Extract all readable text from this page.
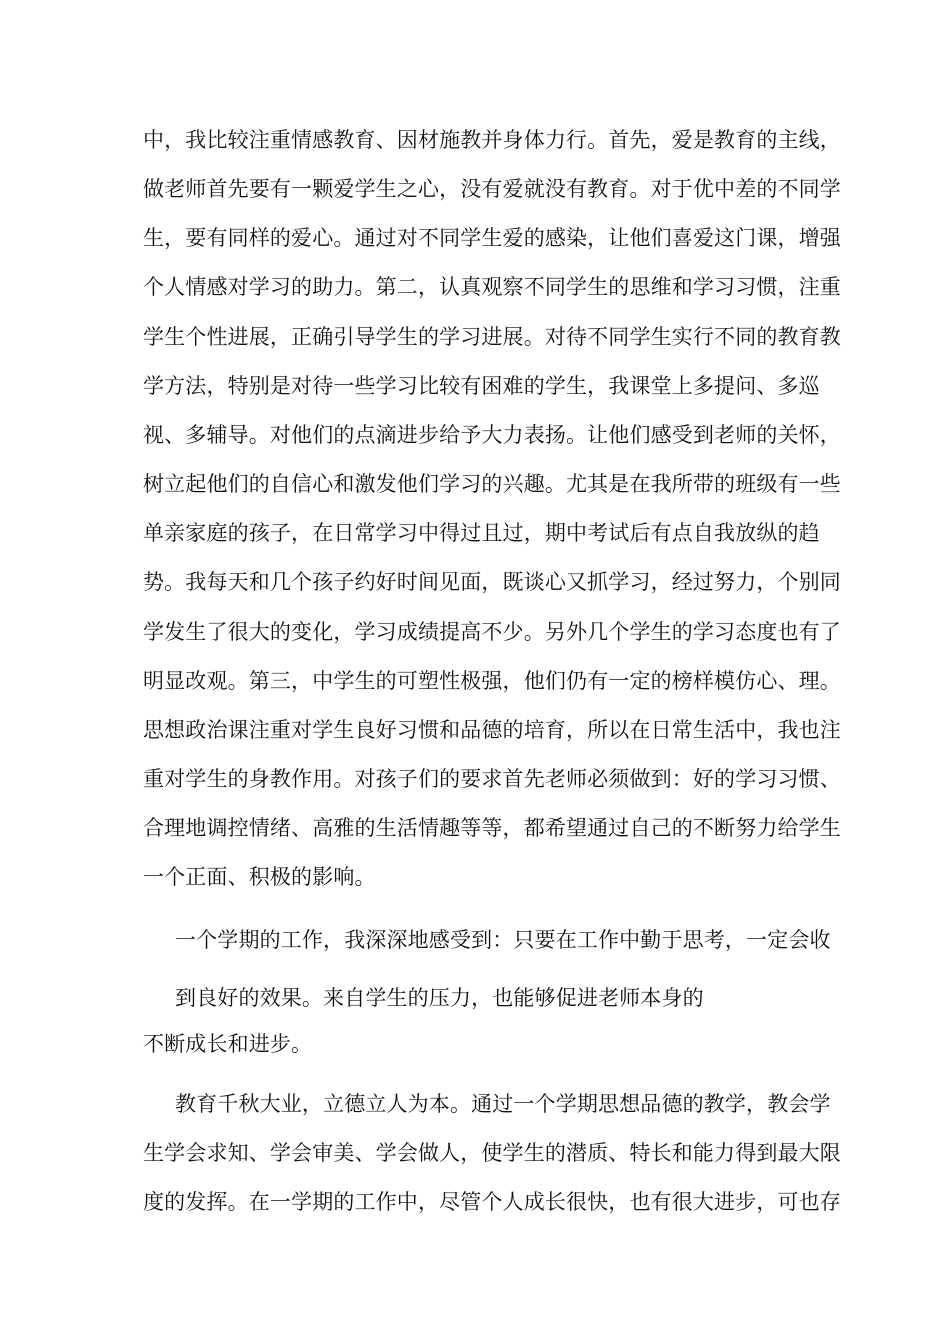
中，我比较注重情感教育、因材施教并身体力行。首先，爱是教育的主线，
做老师首先要有一颗爱学生之心，没有爱就没有教育。对于优中差的不同学
生，要有同样的爱心。通过对不同学生爱的感染，让他们喜爱这门课，增强
个人情感对学习的助力。第二，认真观察不同学生的思维和学习习惯，注重
学生个性进展，正确引导学生的学习进展。对待不同学生实行不同的教育教
学方法，特别是对待一些学习比较有困难的学生，我课堂上多提问、多巡
视、多辅导。对他们的点滴进步给予大力表扬。让他们感受到老师的关怀，
树立起他们的自信心和激发他们学习的兴趣。尤其是在我所带的班级有一些
单亲家庭的孩子，在日常学习中得过且过，期中考试后有点自我放纵的趋
势。我每天和几个孩子约好时间见面，既谈心又抓学习，经过努力，个别同
学发生了很大的变化，学习成绩提高不少。另外几个学生的学习态度也有了
明显改观。第三，中学生的可塑性极强，他们仍有一定的榜样模仿心、理。
思想政治课注重对学生良好习惯和品德的培育，所以在日常生活中，我也注
重对学生的身教作用。对孩子们的要求首先老师必须做到：好的学习习惯、
合理地调控情绪、高雅的生活情趣等等，都希望通过自己的不断努力给学生
一个正面、积极的影响。
一个学期的工作，我深深地感受到：只要在工作中勤于思考，一定会收
到良好的效果。来自学生的压力，也能够促进老师本身的
不断成长和进步。
教育千秋大业，立德立人为本。通过一个学期思想品德的教学，教会学
生学会求知、学会审美、学会做人，使学生的潜质、特长和能力得到最大限
度的发挥。在一学期的工作中，尽管个人成长很快，也有很大进步，可也存
